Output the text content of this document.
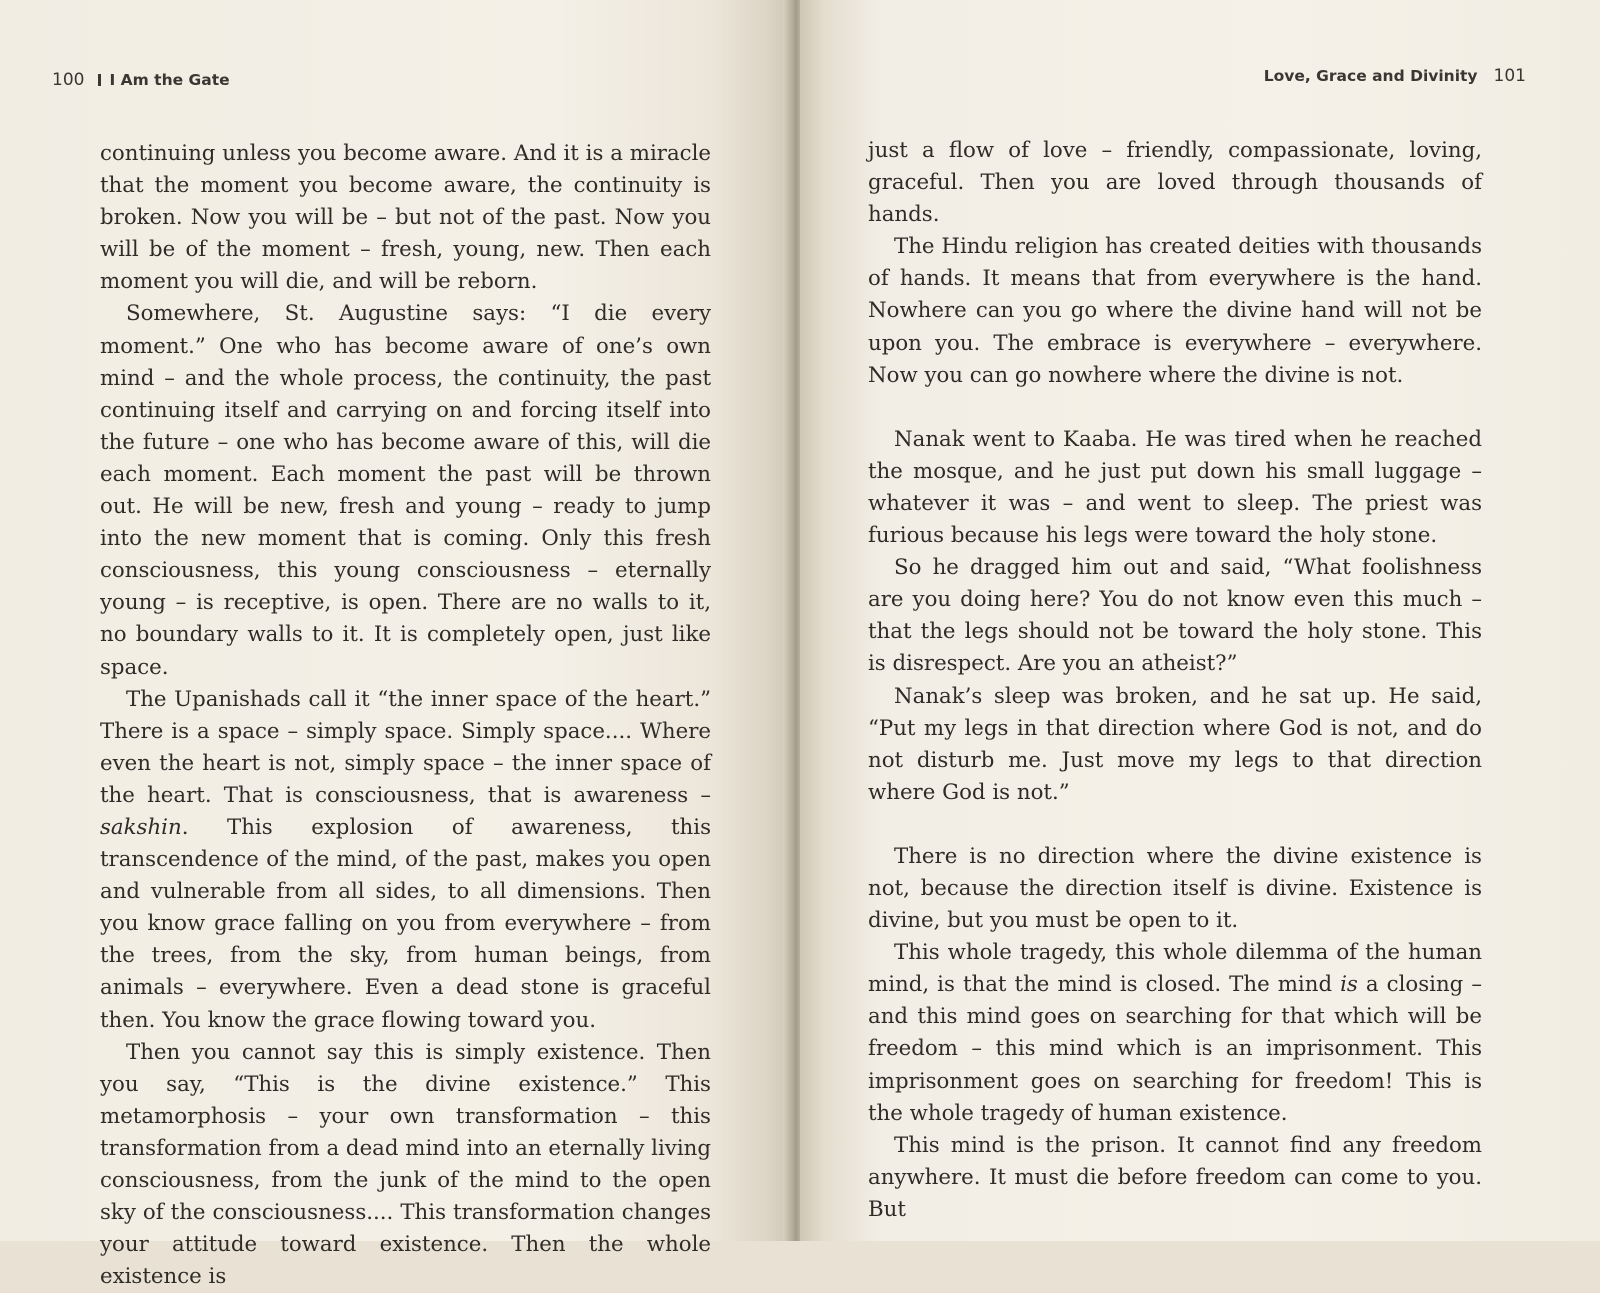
100 I Am the Gate

continuing unless you become aware. And it is a miracle that the moment you become aware, the continuity is broken. Now you will be – but not of the past. Now you will be of the moment – fresh, young, new. Then each moment you will die, and will be reborn.

Somewhere, St. Augustine says: “I die every moment.” One who has become aware of one’s own mind – and the whole process, the continuity, the past continuing itself and carrying on and forcing itself into the future – one who has become aware of this, will die each moment. Each moment the past will be thrown out. He will be new, fresh and young – ready to jump into the new moment that is coming. Only this fresh consciousness, this young consciousness – eternally young – is receptive, is open. There are no walls to it, no boundary walls to it. It is completely open, just like space.

The Upanishads call it “the inner space of the heart.” There is a space – simply space. Simply space.... Where even the heart is not, simply space – the inner space of the heart. That is consciousness, that is awareness – sakshin. This explosion of awareness, this transcendence of the mind, of the past, makes you open and vulnerable from all sides, to all dimensions. Then you know grace falling on you from everywhere – from the trees, from the sky, from human beings, from animals – everywhere. Even a dead stone is graceful then. You know the grace flowing toward you.

Then you cannot say this is simply existence. Then you say, “This is the divine existence.” This metamorphosis – your own transformation – this transformation from a dead mind into an eternally living consciousness, from the junk of the mind to the open sky of the consciousness.... This transformation changes your attitude toward existence. Then the whole existence is

Love, Grace and Divinity 101

just a flow of love – friendly, compassionate, loving, graceful. Then you are loved through thousands of hands.

The Hindu religion has created deities with thousands of hands. It means that from everywhere is the hand. Nowhere can you go where the divine hand will not be upon you. The embrace is everywhere – everywhere. Now you can go nowhere where the divine is not.

Nanak went to Kaaba. He was tired when he reached the mosque, and he just put down his small luggage – whatever it was – and went to sleep. The priest was furious because his legs were toward the holy stone.

So he dragged him out and said, “What foolishness are you doing here? You do not know even this much – that the legs should not be toward the holy stone. This is disrespect. Are you an atheist?”

Nanak’s sleep was broken, and he sat up. He said, “Put my legs in that direction where God is not, and do not disturb me. Just move my legs to that direction where God is not.”

There is no direction where the divine existence is not, because the direction itself is divine. Existence is divine, but you must be open to it.

This whole tragedy, this whole dilemma of the human mind, is that the mind is closed. The mind is a closing – and this mind goes on searching for that which will be freedom – this mind which is an imprisonment. This imprisonment goes on searching for freedom! This is the whole tragedy of human existence.

This mind is the prison. It cannot find any freedom anywhere. It must die before freedom can come to you. But
